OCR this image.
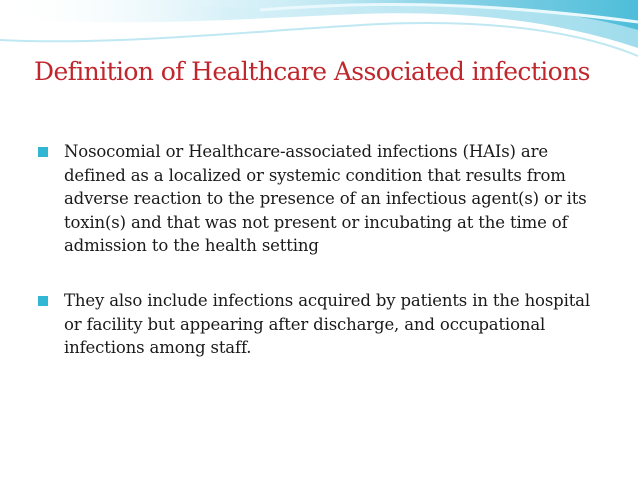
Definition of Healthcare Associated infections
Nosocomial or Healthcare-associated infections (HAIs) are defined as a localized or systemic condition that results from adverse reaction to the presence of an infectious agent(s) or its toxin(s) and that was not present or incubating at the time of admission to the health setting
They also include infections acquired by patients in the hospital or facility but appearing after discharge, and occupational infections among staff.
